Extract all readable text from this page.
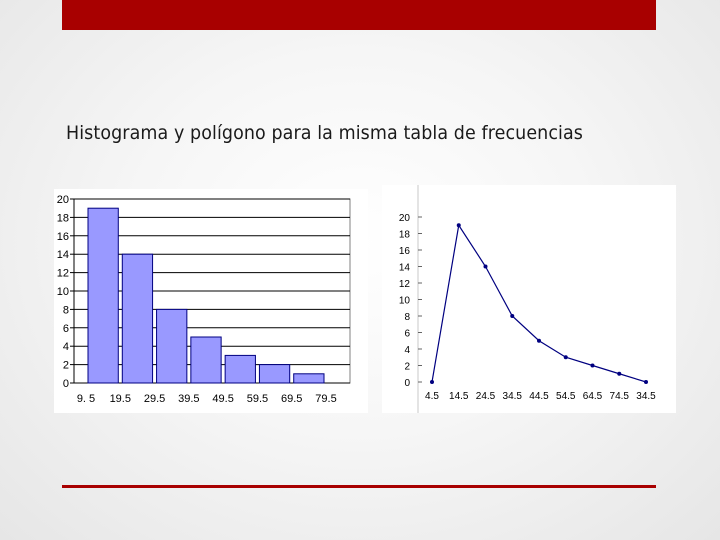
Histograma y polígono para la misma tabla de frecuencias
0
2
4
6
8
10
12
14
16
18
20
9. 5 19.5 29.5 39.5 49.5 59.5 69.5 79.5
0
2
4
6
8
10
12
14
16
18
20
4.5 14.5 24.5 34.5 44.5 54.5 64.5 74.5 34.5
